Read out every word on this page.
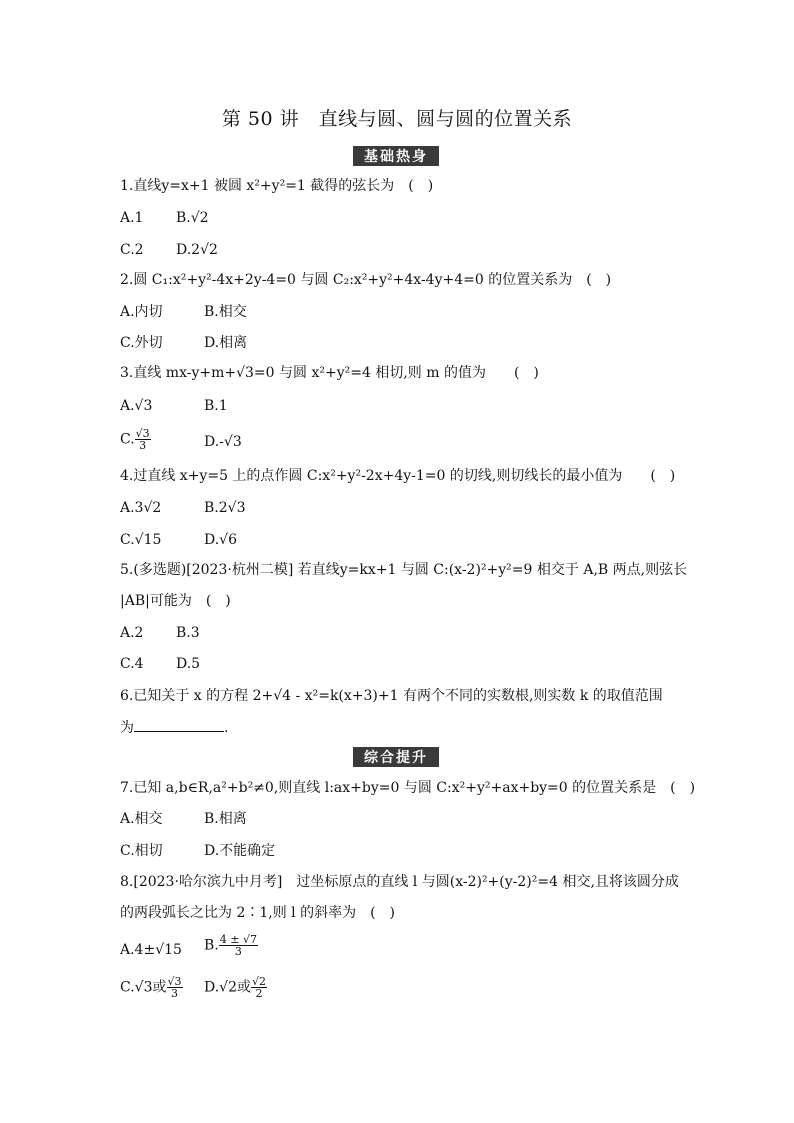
第 50 讲　直线与圆、圆与圆的位置关系
基础热身
1.直线y=x+1 被圆 x²+y²=1 截得的弦长为　(　)
A.1 B.√2
C.2 D.2√2
2.圆 C₁:x²+y²-4x+2y-4=0 与圆 C₂:x²+y²+4x-4y+4=0 的位置关系为　(　)
A.内切	B.相交
C.外切	D.相离
3.直线 mx-y+m+√3=0 与圆 x²+y²=4 相切,则 m 的值为　　(　)
A.√3	B.1
C. $\frac{√3}{3}$	D.-√3
4.过直线 x+y=5 上的点作圆 C:x²+y²-2x+4y-1=0 的切线,则切线长的最小值为　　(　)
A.3√2	B.2√3
C.√15	D.√6
5.(多选题)[2023·杭州二模] 若直线y=kx+1 与圆 C:(x-2)²+y²=9 相交于 A,B 两点,则弦长
|AB|可能为　(　)
A.2 B.3
C.4 D.5
6.已知关于 x 的方程 2+√4 - x²=k(x+3)+1 有两个不同的实数根,则实数 k 的取值范围
为	.
综合提升
7.已知 a,b∈R,a²+b²≠0,则直线 l:ax+by=0 与圆 C:x²+y²+ax+by=0 的位置关系是　(　)
A.相交	B.相离
C.相切	D.不能确定
8.[2023·哈尔滨九中月考]　过坐标原点的直线 l 与圆(x-2)²+(y-2)²=4 相交,且将该圆分成
的两段弧长之比为 2∶1,则 l 的斜率为　(　)
A.4±√15 B. $\frac{4 \pm √7}{3}$
C.√3或 $\frac{√3}{3} D.√2$或 $\frac{√2}{2}$
